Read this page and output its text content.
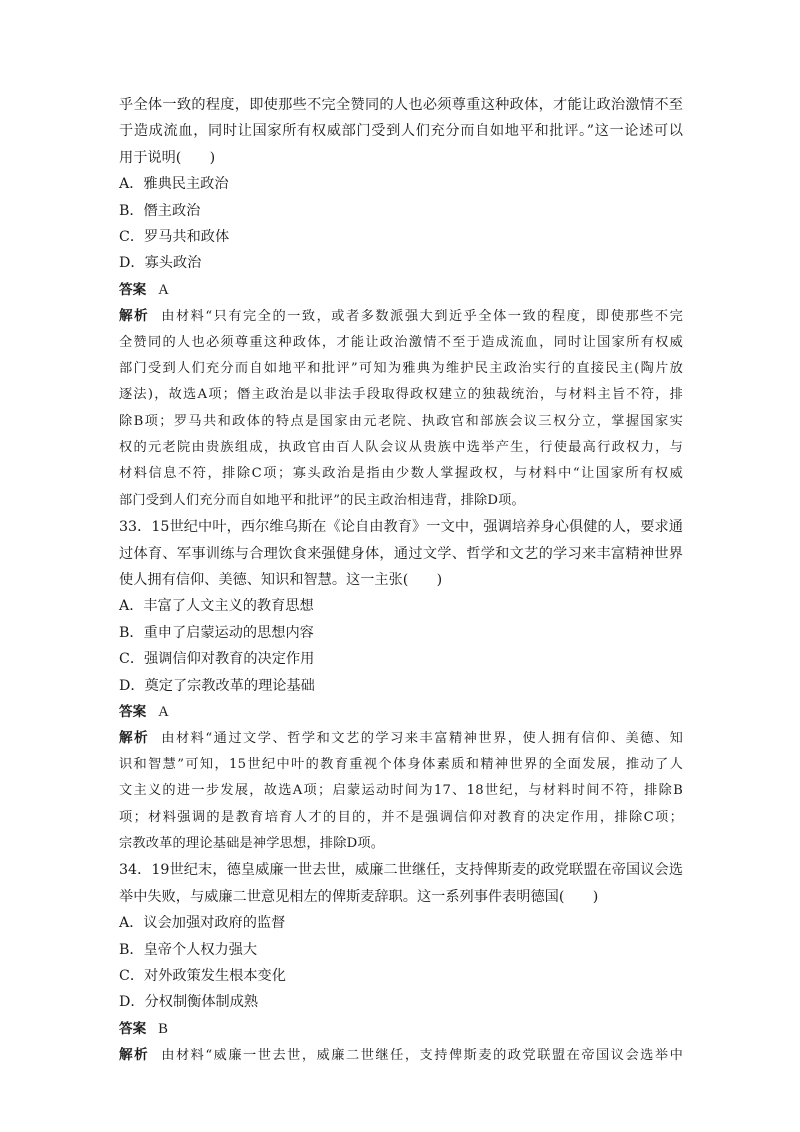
乎全体一致的程度，即使那些不完全赞同的人也必须尊重这种政体，才能让政治激情不至
于造成流血，同时让国家所有权威部门受到人们充分而自如地平和批评。”这一论述可以
用于说明(　　)
A．雅典民主政治
B．僭主政治
C．罗马共和政体
D．寡头政治
答案 A
解析 由材料“只有完全的一致，或者多数派强大到近乎全体一致的程度，即使那些不完
全赞同的人也必须尊重这种政体，才能让政治激情不至于造成流血，同时让国家所有权威
部门受到人们充分而自如地平和批评”可知为雅典为维护民主政治实行的直接民主(陶片放
逐法)，故选A项；僭主政治是以非法手段取得政权建立的独裁统治，与材料主旨不符，排
除B项；罗马共和政体的特点是国家由元老院、执政官和部族会议三权分立，掌握国家实
权的元老院由贵族组成，执政官由百人队会议从贵族中选举产生，行使最高行政权力，与
材料信息不符，排除C项；寡头政治是指由少数人掌握政权，与材料中“让国家所有权威
部门受到人们充分而自如地平和批评”的民主政治相违背，排除D项。
33．15世纪中叶，西尔维乌斯在《论自由教育》一文中，强调培养身心俱健的人，要求通
过体育、军事训练与合理饮食来强健身体，通过文学、哲学和文艺的学习来丰富精神世界
使人拥有信仰、美德、知识和智慧。这一主张(　　)
A．丰富了人文主义的教育思想
B．重申了启蒙运动的思想内容
C．强调信仰对教育的决定作用
D．奠定了宗教改革的理论基础
答案 A
解析 由材料“通过文学、哲学和文艺的学习来丰富精神世界，使人拥有信仰、美德、知
识和智慧”可知，15世纪中叶的教育重视个体身体素质和精神世界的全面发展，推动了人
文主义的进一步发展，故选A项；启蒙运动时间为17、18世纪，与材料时间不符，排除B
项；材料强调的是教育培育人才的目的，并不是强调信仰对教育的决定作用，排除C项；
宗教改革的理论基础是神学思想，排除D项。
34．19世纪末，德皇威廉一世去世，威廉二世继任，支持俾斯麦的政党联盟在帝国议会选
举中失败，与威廉二世意见相左的俾斯麦辞职。这一系列事件表明德国(　　)
A．议会加强对政府的监督
B．皇帝个人权力强大
C．对外政策发生根本变化
D．分权制衡体制成熟
答案 B
解析 由材料“威廉一世去世，威廉二世继任，支持俾斯麦的政党联盟在帝国议会选举中
